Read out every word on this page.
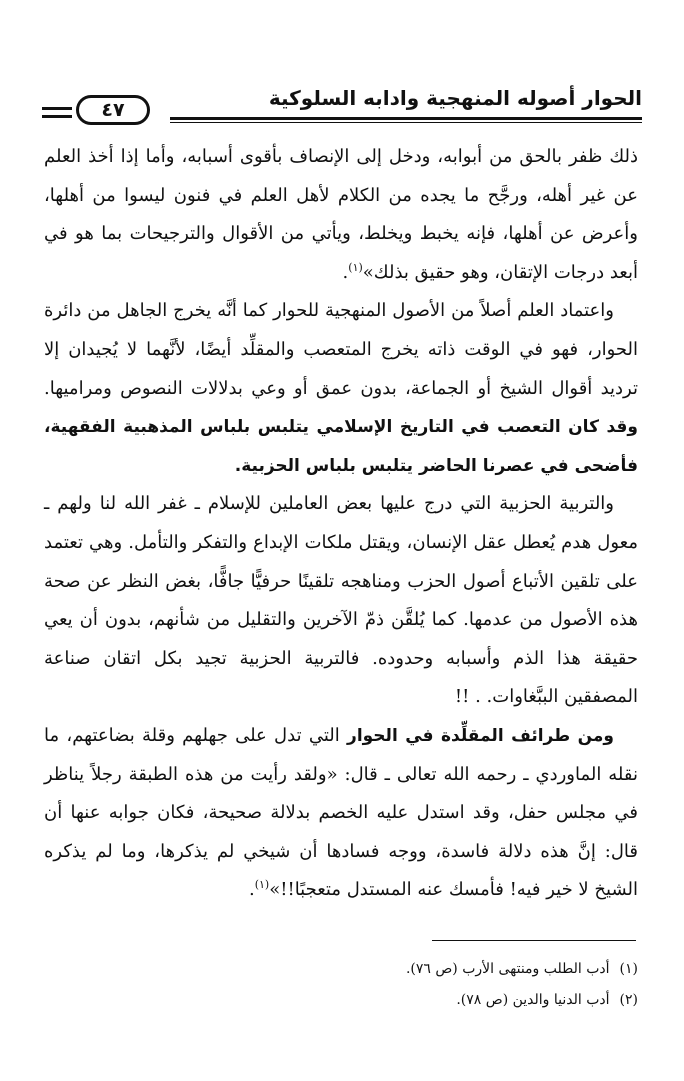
الحوار أصوله المنهجية وادابه السلوكية
٤٧

ذلك ظفر بالحق من أبوابه، ودخل إلى الإنصاف بأقوى أسبابه، وأما إذا أخذ العلم عن غير أهله، ورجَّح ما يجده من الكلام لأهل العلم في فنون ليسوا من أهلها، وأعرض عن أهلها، فإنه يخبط ويخلط، ويأتي من الأقوال والترجيحات بما هو في أبعد درجات الإتقان، وهو حقيق بذلك»$^{(١)}$.

واعتماد العلم أصلاً من الأصول المنهجية للحوار كما أنَّه يخرج الجاهل من دائرة الحوار، فهو في الوقت ذاته يخرج المتعصب والمقلِّد أيضًا، لأنَّهما لا يُجيدان إلا ترديد أقوال الشيخ أو الجماعة، بدون عمق أو وعي بدلالات النصوص ومراميها. وقد كان التعصب في التاريخ الإسلامي يتلبس بلباس المذهبية الفقهية، فأضحى في عصرنا الحاضر يتلبس بلباس الحزبية.

والتربية الحزبية التي درج عليها بعض العاملين للإسلام ـ غفر الله لنا ولهم ـ معول هدم يُعطل عقل الإنسان، ويقتل ملكات الإبداع والتفكر والتأمل. وهي تعتمد على تلقين الأتباع أصول الحزب ومناهجه تلقينًا حرفيًّا جافًّا، بغض النظر عن صحة هذه الأصول من عدمها. كما يُلقَّن ذمّ الآخرين والتقليل من شأنهم، بدون أن يعي حقيقة هذا الذم وأسبابه وحدوده. فالتربية الحزبية تجيد بكل اتقان صناعة المصفقين الببَّغاوات. . !!

ومن طرائف المقلِّدة في الحوار التي تدل على جهلهم وقلة بضاعتهم، ما نقله الماوردي ـ رحمه الله تعالى ـ قال: «ولقد رأيت من هذه الطبقة رجلاً يناظر في مجلس حفل، وقد استدل عليه الخصم بدلالة صحيحة، فكان جوابه عنها أن قال: إنَّ هذه دلالة فاسدة، ووجه فسادها أن شيخي لم يذكرها، وما لم يذكره الشيخ لا خير فيه! فأمسك عنه المستدل متعجبًا!!»$^{(١)}$.

(١)أدب الطلب ومنتهى الأرب (ص ٧٦).
(٢)أدب الدنيا والدين (ص ٧٨).
